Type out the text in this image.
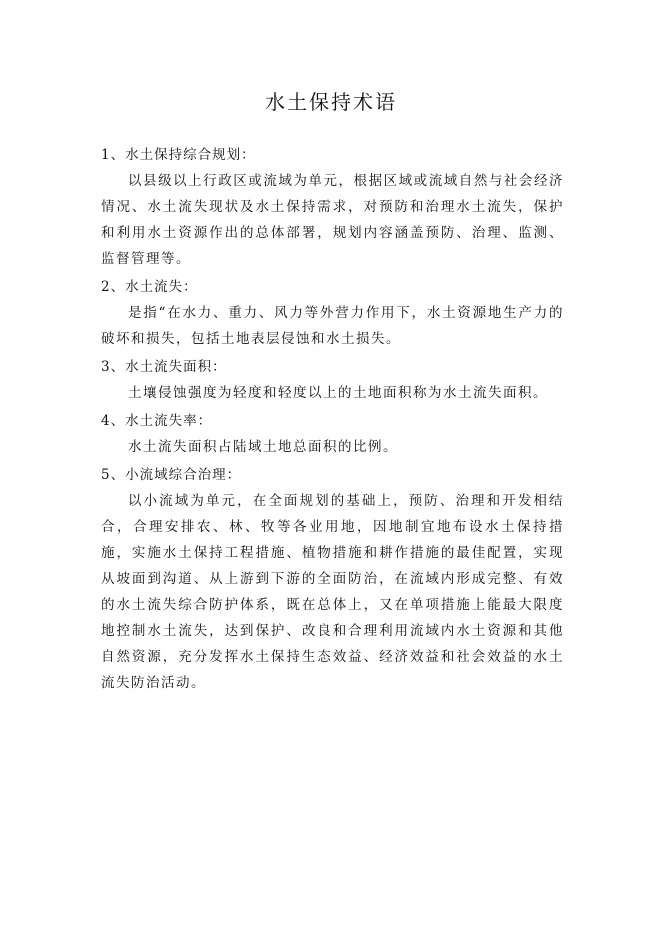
水土保持术语

1、水土保持综合规划：

以县级以上行政区或流域为单元，根据区域或流域自然与社会经济情况、水土流失现状及水土保持需求，对预防和治理水土流失，保护和利用水土资源作出的总体部署，规划内容涵盖预防、治理、监测、监督管理等。

2、水土流失：

是指“在水力、重力、风力等外营力作用下，水土资源地生产力的破坏和损失，包括土地表层侵蚀和水土损失。

3、水土流失面积：

土壤侵蚀强度为轻度和轻度以上的土地面积称为水土流失面积。

4、水土流失率：

水土流失面积占陆域土地总面积的比例。

5、小流域综合治理：

以小流域为单元，在全面规划的基础上，预防、治理和开发相结合，合理安排农、林、牧等各业用地，因地制宜地布设水土保持措施，实施水土保持工程措施、植物措施和耕作措施的最佳配置，实现从坡面到沟道、从上游到下游的全面防治，在流域内形成完整、有效的水土流失综合防护体系，既在总体上，又在单项措施上能最大限度地控制水土流失，达到保护、改良和合理利用流域内水土资源和其他自然资源，充分发挥水土保持生态效益、经济效益和社会效益的水土流失防治活动。
